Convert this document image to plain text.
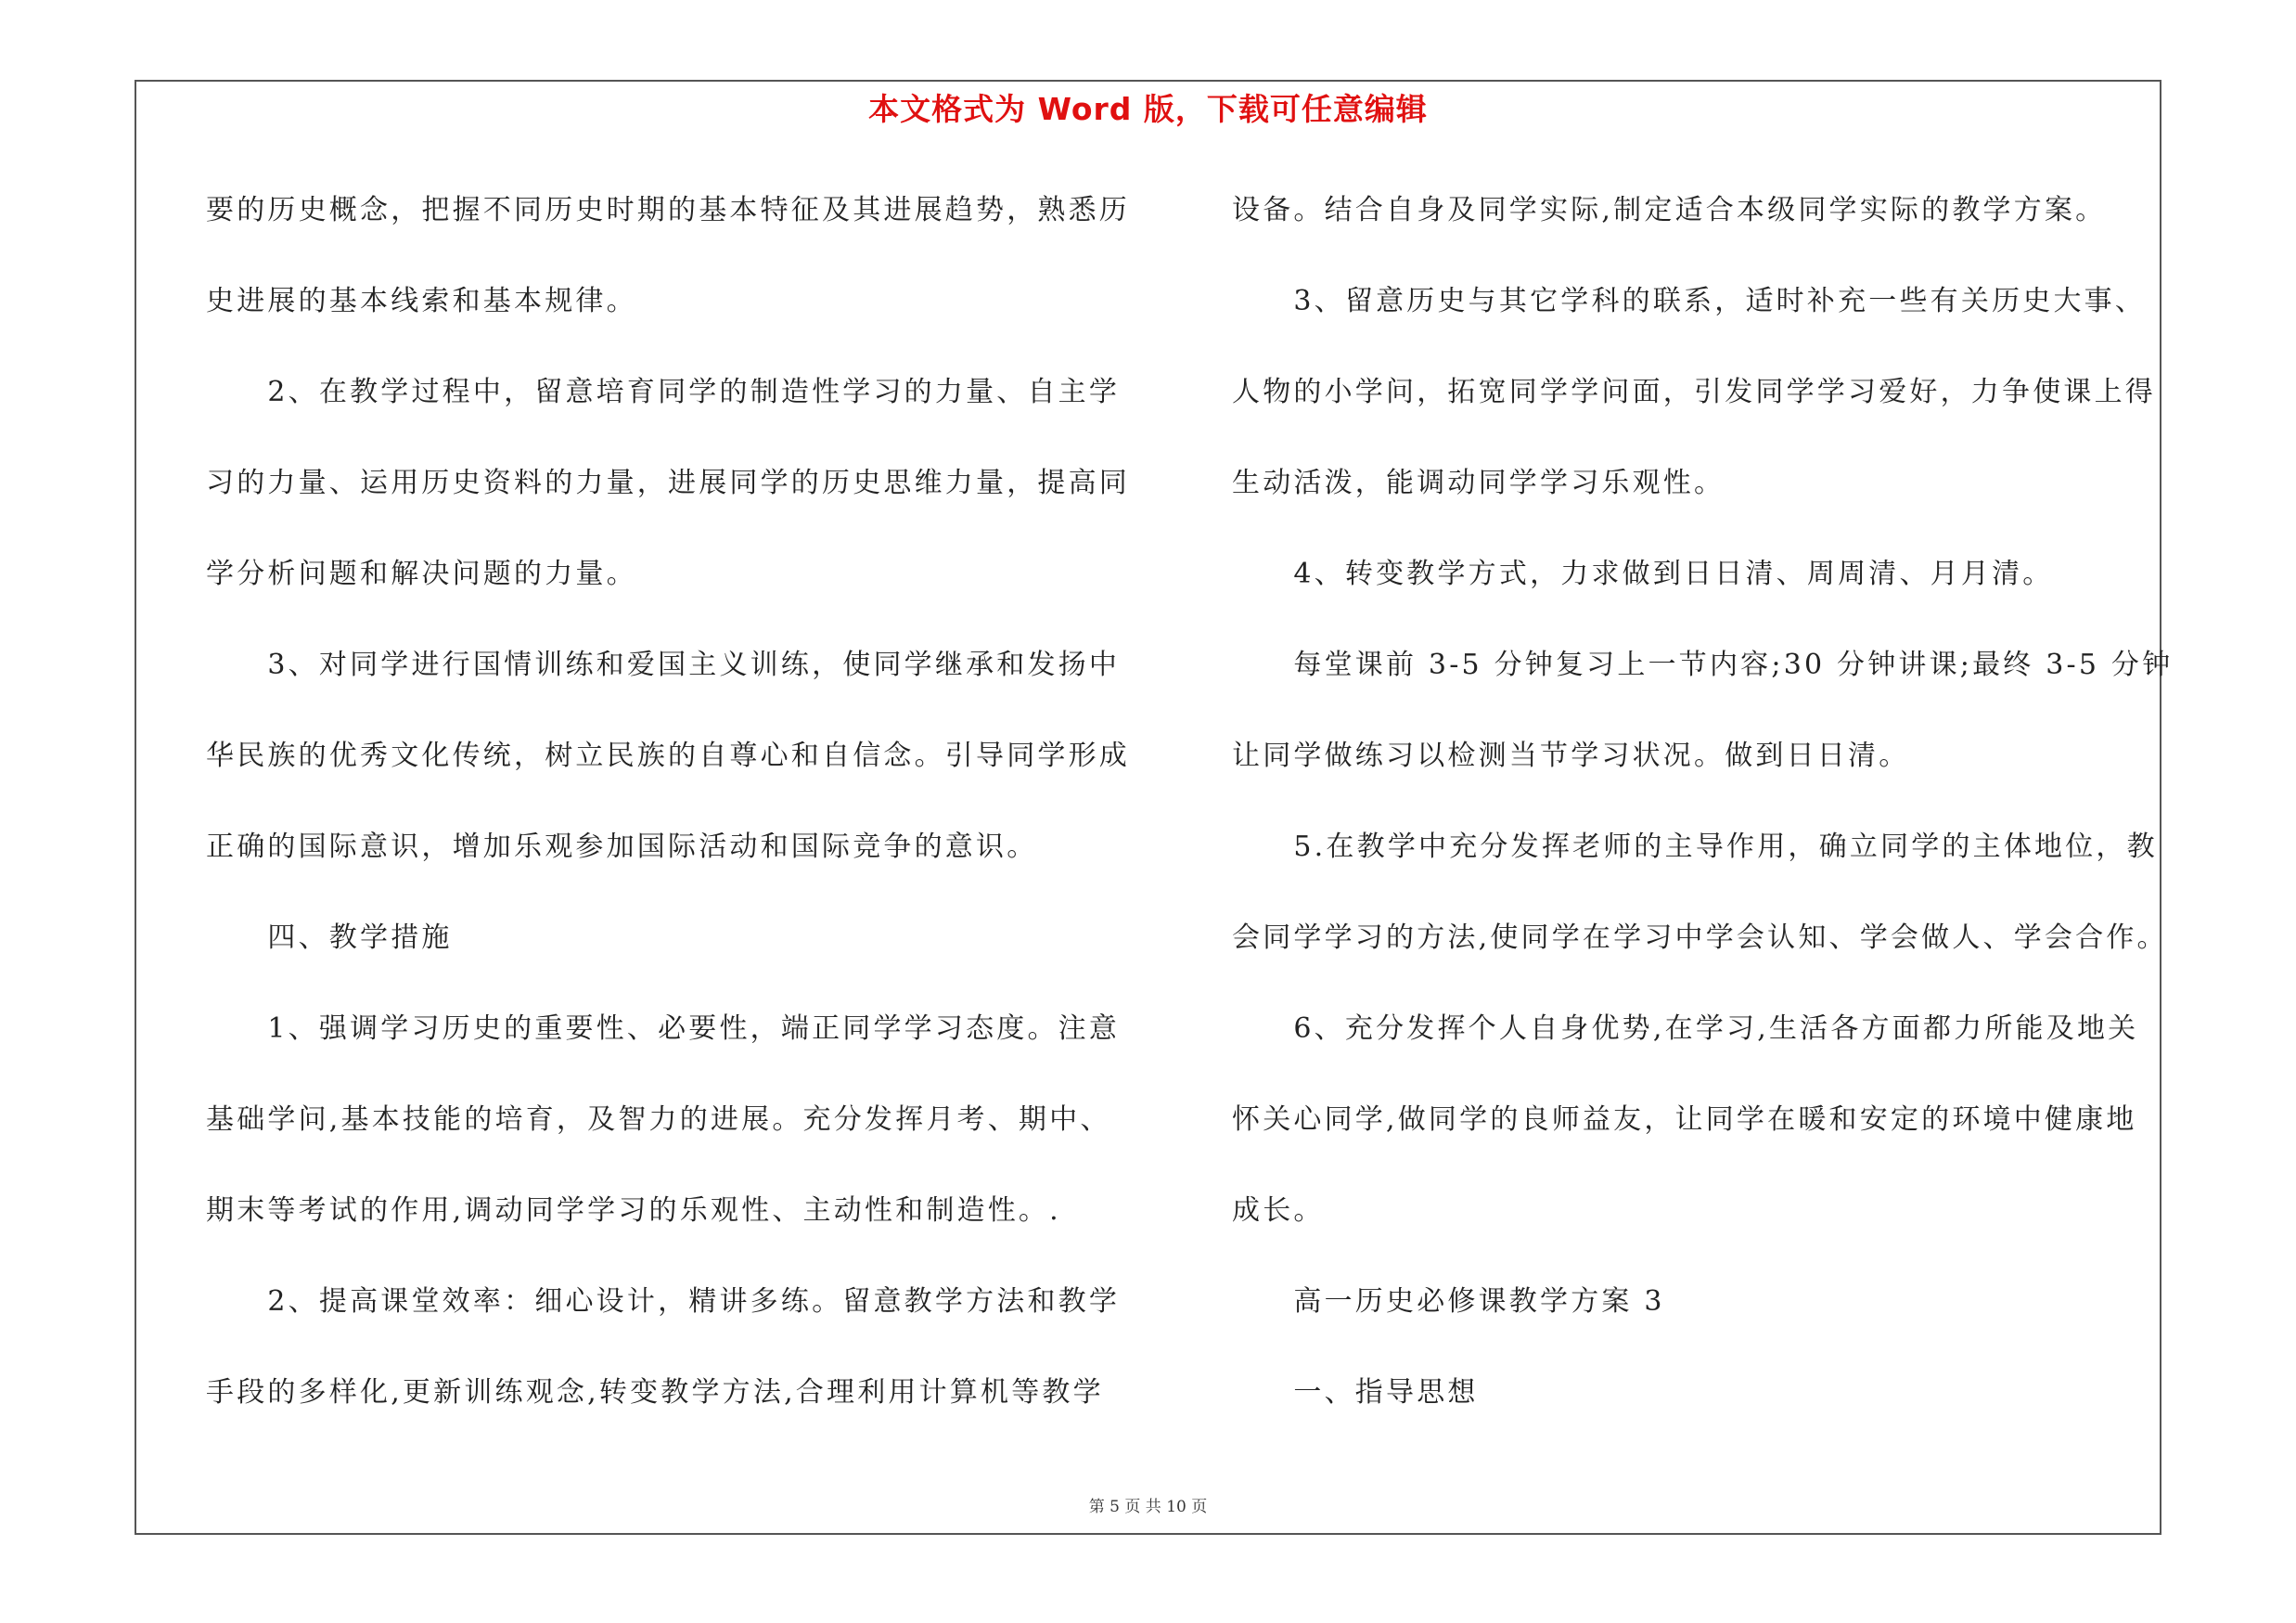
本文格式为 Word 版，下载可任意编辑
要的历史概念，把握不同历史时期的基本特征及其进展趋势，熟悉历
史进展的基本线索和基本规律。
　　2、在教学过程中，留意培育同学的制造性学习的力量、自主学
习的力量、运用历史资料的力量，进展同学的历史思维力量，提高同
学分析问题和解决问题的力量。
　　3、对同学进行国情训练和爱国主义训练，使同学继承和发扬中
华民族的优秀文化传统，树立民族的自尊心和自信念。引导同学形成
正确的国际意识，增加乐观参加国际活动和国际竞争的意识。
　　四、教学措施
　　1、强调学习历史的重要性、必要性，端正同学学习态度。注意
基础学问,基本技能的培育，及智力的进展。充分发挥月考、期中、
期末等考试的作用,调动同学学习的乐观性、主动性和制造性。.
　　2、提高课堂效率：细心设计，精讲多练。留意教学方法和教学
手段的多样化,更新训练观念,转变教学方法,合理利用计算机等教学
设备。结合自身及同学实际,制定适合本级同学实际的教学方案。
　　3、留意历史与其它学科的联系，适时补充一些有关历史大事、
人物的小学问，拓宽同学学问面，引发同学学习爱好，力争使课上得
生动活泼，能调动同学学习乐观性。
　　4、转变教学方式，力求做到日日清、周周清、月月清。
　　每堂课前 3-5 分钟复习上一节内容;30 分钟讲课;最终 3-5 分钟
让同学做练习以检测当节学习状况。做到日日清。
　　5.在教学中充分发挥老师的主导作用，确立同学的主体地位，教
会同学学习的方法,使同学在学习中学会认知、学会做人、学会合作。
　　6、充分发挥个人自身优势,在学习,生活各方面都力所能及地关
怀关心同学,做同学的良师益友，让同学在暖和安定的环境中健康地
成长。
　　高一历史必修课教学方案 3
　　一、指导思想
第 5 页 共 10 页
